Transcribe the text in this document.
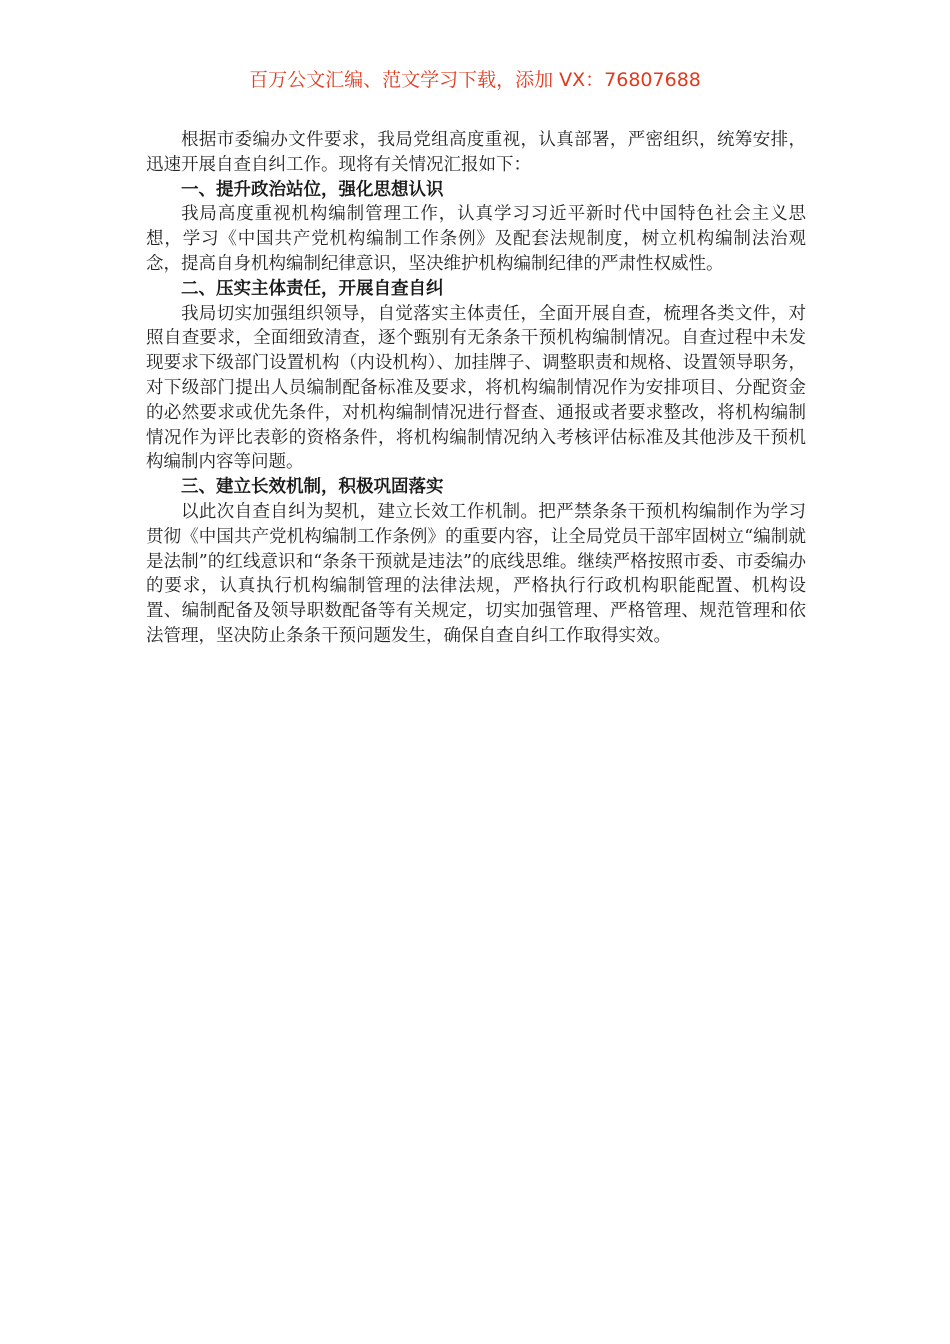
百万公文汇编、范文学习下载，添加 VX：76807688

根据市委编办文件要求，我局党组高度重视，认真部署，严密组织，统筹安排，迅速开展自查自纠工作。现将有关情况汇报如下：

一、提升政治站位，强化思想认识

我局高度重视机构编制管理工作，认真学习习近平新时代中国特色社会主义思想，学习《中国共产党机构编制工作条例》及配套法规制度，树立机构编制法治观念，提高自身机构编制纪律意识，坚决维护机构编制纪律的严肃性权威性。

二、压实主体责任，开展自查自纠

我局切实加强组织领导，自觉落实主体责任，全面开展自查，梳理各类文件，对照自查要求，全面细致清查，逐个甄别有无条条干预机构编制情况。自查过程中未发现要求下级部门设置机构（内设机构）、加挂牌子、调整职责和规格、设置领导职务，对下级部门提出人员编制配备标准及要求，将机构编制情况作为安排项目、分配资金的必然要求或优先条件，对机构编制情况进行督查、通报或者要求整改，将机构编制情况作为评比表彰的资格条件，将机构编制情况纳入考核评估标准及其他涉及干预机构编制内容等问题。

三、建立长效机制，积极巩固落实

以此次自查自纠为契机，建立长效工作机制。把严禁条条干预机构编制作为学习贯彻《中国共产党机构编制工作条例》的重要内容，让全局党员干部牢固树立“编制就是法制”的红线意识和“条条干预就是违法”的底线思维。继续严格按照市委、市委编办的要求，认真执行机构编制管理的法律法规，严格执行行政机构职能配置、机构设置、编制配备及领导职数配备等有关规定，切实加强管理、严格管理、规范管理和依法管理，坚决防止条条干预问题发生，确保自查自纠工作取得实效。
